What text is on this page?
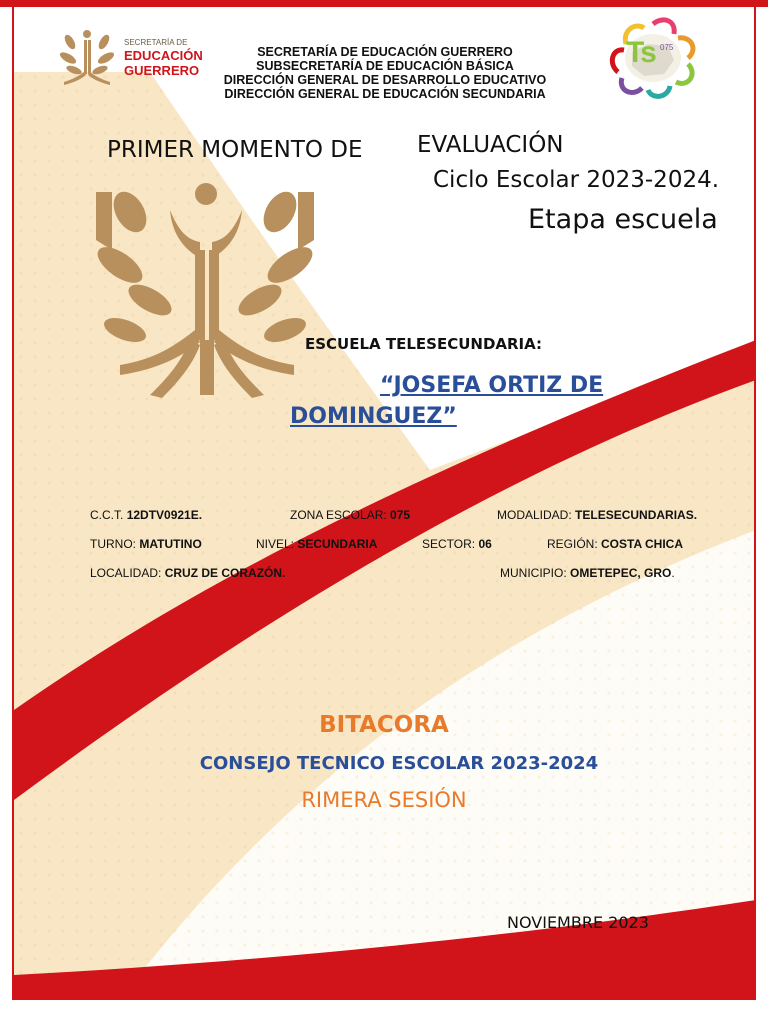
SECRETARÍA DE
EDUCACIÓN
GUERRERO
SECRETARÍA DE EDUCACIÓN GUERRERO
SUBSECRETARÍA DE EDUCACIÓN BÁSICA
DIRECCIÓN GENERAL DE DESARROLLO EDUCATIVO
DIRECCIÓN GENERAL DE EDUCACIÓN SECUNDARIA
Ts 075
PRIMER MOMENTO DE EVALUACIÓN
Ciclo Escolar 2023-2024.
Etapa escuela
ESCUELA TELESECUNDARIA:
“JOSEFA ORTIZ DE
DOMINGUEZ”
C.C.T. 12DTV0921E.	ZONA ESCOLAR: 075	MODALIDAD: TELESECUNDARIAS.
TURNO: MATUTINO	NIVEL: SECUNDARIA	SECTOR: 06	REGIÓN: COSTA CHICA
LOCALIDAD: CRUZ DE CORAZÓN.	MUNICIPIO: OMETEPEC, GRO.
BITACORA
CONSEJO TECNICO ESCOLAR 2023-2024
RIMERA SESIÓN
NOVIEMBRE 2023
